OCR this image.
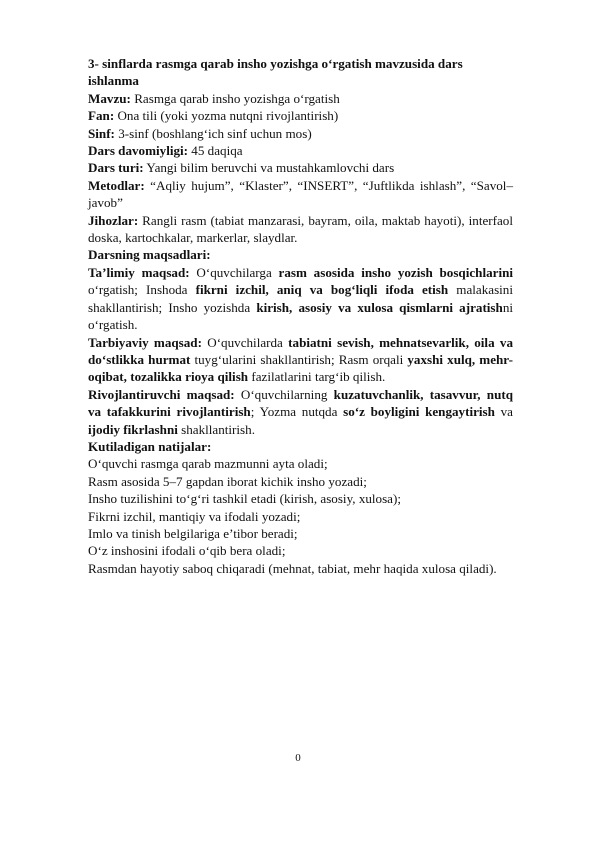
3- sinflarda rasmga qarab insho yozishga o‘rgatish mavzusida dars ishlanma

Mavzu: Rasmga qarab insho yozishga o‘rgatish

Fan: Ona tili (yoki yozma nutqni rivojlantirish)

Sinf: 3-sinf (boshlang‘ich sinf uchun mos)

Dars davomiyligi: 45 daqiqa

Dars turi: Yangi bilim beruvchi va mustahkamlovchi dars

Metodlar: “Aqliy hujum”, “Klaster”, “INSERT”, “Juftlikda ishlash”, “Savol–javob”

Jihozlar: Rangli rasm (tabiat manzarasi, bayram, oila, maktab hayoti), interfaol doska, kartochkalar, markerlar, slaydlar.

Darsning maqsadlari:

Ta’limiy maqsad: O‘quvchilarga rasm asosida insho yozish bosqichlarini o‘rgatish; Inshoda fikrni izchil, aniq va bog‘liqli ifoda etish malakasini shakllantirish; Insho yozishda kirish, asosiy va xulosa qismlarni ajratishni o‘rgatish.

Tarbiyaviy maqsad: O‘quvchilarda tabiatni sevish, mehnatsevarlik, oila va do‘stlikka hurmat tuyg‘ularini shakllantirish; Rasm orqali yaxshi xulq, mehr-oqibat, tozalikka rioya qilish fazilatlarini targ‘ib qilish.

Rivojlantiruvchi maqsad: O‘quvchilarning kuzatuvchanlik, tasavvur, nutq va tafakkurini rivojlantirish; Yozma nutqda so‘z boyligini kengaytirish va ijodiy fikrlashni shakllantirish.

Kutiladigan natijalar:

O‘quvchi rasmga qarab mazmunni ayta oladi;

Rasm asosida 5–7 gapdan iborat kichik insho yozadi;

Insho tuzilishini to‘g‘ri tashkil etadi (kirish, asosiy, xulosa);

Fikrni izchil, mantiqiy va ifodali yozadi;

Imlo va tinish belgilariga e’tibor beradi;

O‘z inshosini ifodali o‘qib bera oladi;

Rasmdan hayotiy saboq chiqaradi (mehnat, tabiat, mehr haqida xulosa qiladi).

0
